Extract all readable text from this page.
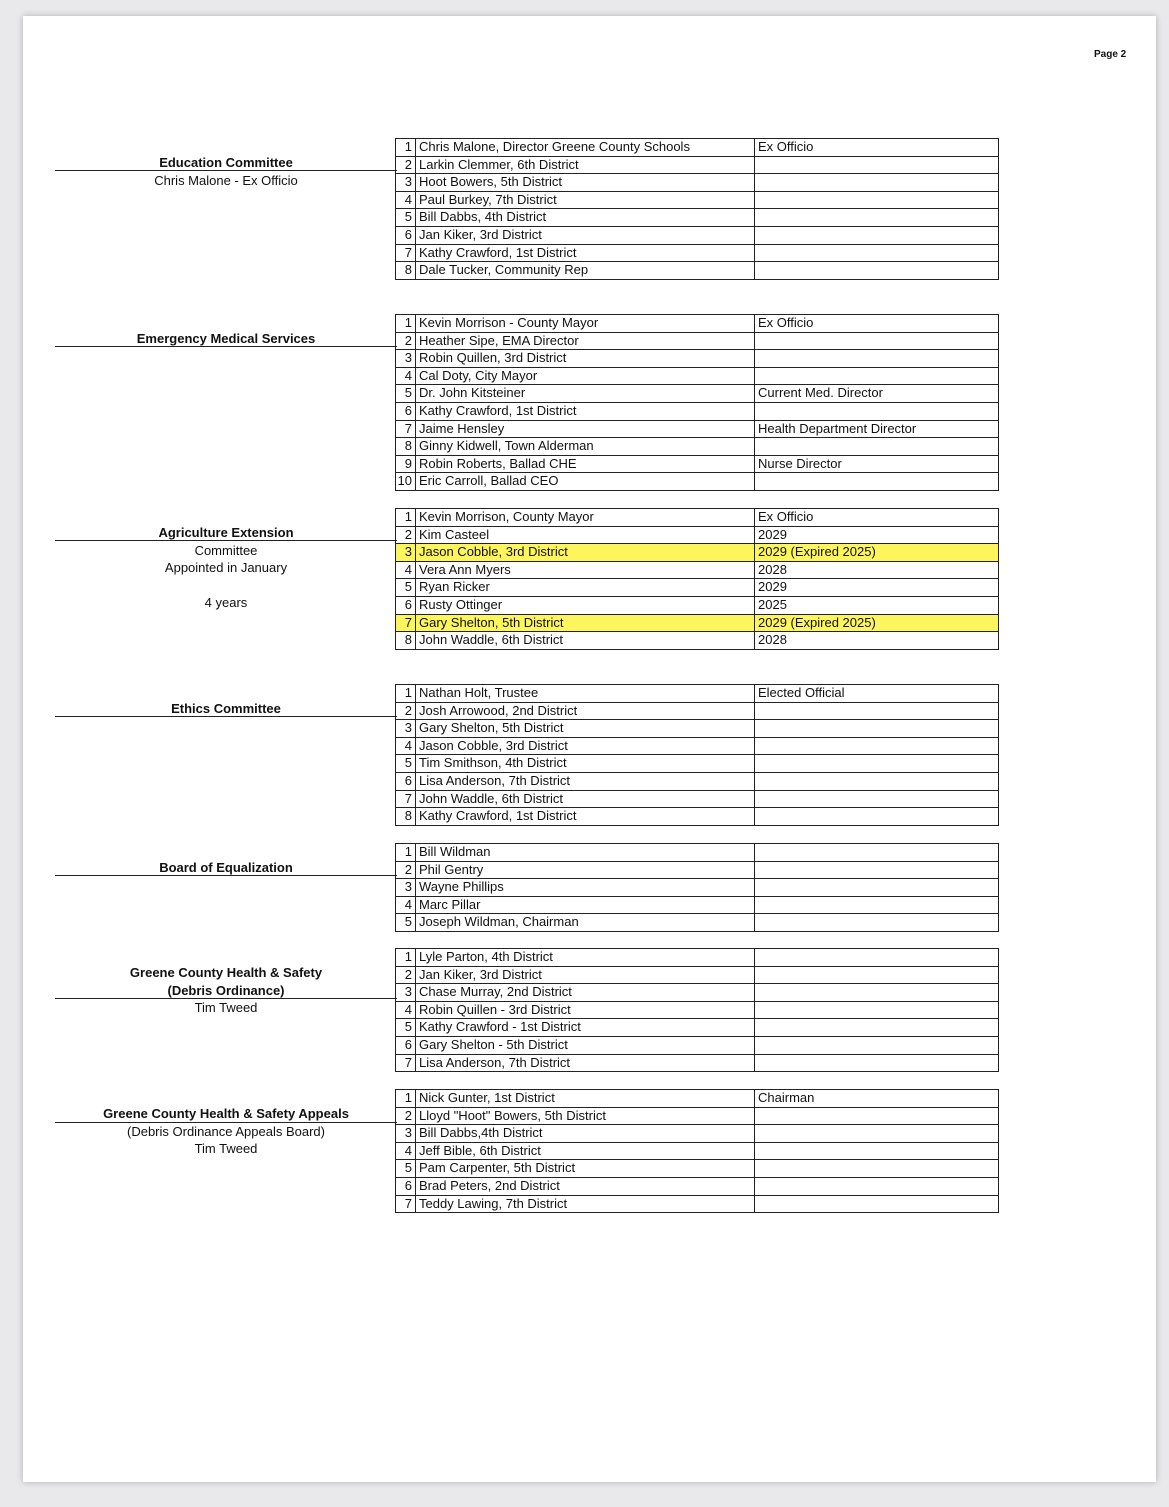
Page 2
Education Committee
Chris Malone - Ex Officio
1	Chris Malone, Director Greene County Schools	Ex Officio
2	Larkin Clemmer, 6th District	
3	Hoot Bowers, 5th District	
4	Paul Burkey, 7th District	
5	Bill Dabbs, 4th District	
6	Jan Kiker, 3rd District	
7	Kathy Crawford, 1st District	
8	Dale Tucker, Community Rep	
Emergency Medical Services
1	Kevin Morrison - County Mayor	Ex Officio
2	Heather Sipe, EMA Director	
3	Robin Quillen, 3rd District	
4	Cal Doty, City Mayor	
5	Dr. John Kitsteiner	Current Med. Director
6	Kathy Crawford, 1st District	
7	Jaime Hensley	Health Department Director
8	Ginny Kidwell, Town Alderman	
9	Robin Roberts, Ballad CHE	Nurse Director
10	Eric Carroll, Ballad CEO	
Agriculture Extension
Committee
Appointed in January
4 years
1	Kevin Morrison, County Mayor	Ex Officio
2	Kim Casteel	2029
3	Jason Cobble, 3rd District	2029 (Expired 2025)
4	Vera Ann Myers	2028
5	Ryan Ricker	2029
6	Rusty Ottinger	2025
7	Gary Shelton, 5th District	2029 (Expired 2025)
8	John Waddle, 6th District	2028
Ethics Committee
1	Nathan Holt, Trustee	Elected Official
2	Josh Arrowood, 2nd District	
3	Gary Shelton, 5th District	
4	Jason Cobble, 3rd District	
5	Tim Smithson, 4th District	
6	Lisa Anderson, 7th District	
7	John Waddle, 6th District	
8	Kathy Crawford, 1st District	
Board of Equalization
1	Bill Wildman	
2	Phil Gentry	
3	Wayne Phillips	
4	Marc Pillar	
5	Joseph Wildman, Chairman	
Greene County Health & Safety
(Debris Ordinance)
Tim Tweed
1	Lyle Parton, 4th District	
2	Jan Kiker, 3rd District	
3	Chase Murray, 2nd District	
4	Robin Quillen - 3rd District	
5	Kathy Crawford - 1st District	
6	Gary Shelton - 5th District	
7	Lisa Anderson, 7th District	
Greene County Health & Safety Appeals
(Debris Ordinance Appeals Board)
Tim Tweed
1	Nick Gunter, 1st District	Chairman
2	Lloyd "Hoot" Bowers, 5th District	
3	Bill Dabbs,4th District	
4	Jeff Bible, 6th District	
5	Pam Carpenter, 5th District	
6	Brad Peters, 2nd District	
7	Teddy Lawing, 7th District	
